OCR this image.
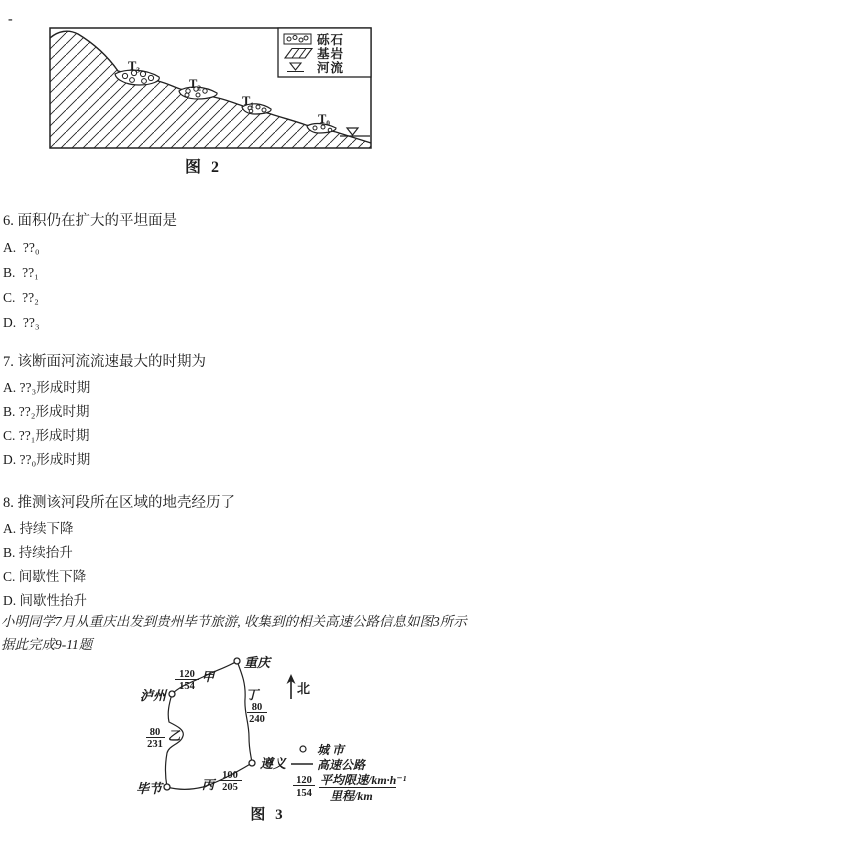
-
T₃
T₂
T₁
T₀
砾石
基岩
河流
图 2
6. 面积仍在扩大的平坦面是
A.  ??₀
B.  ??₁
C.  ??₂
D.  ??₃
7. 该断面河流流速最大的时期为
A. ??₃形成时期
B. ??₂形成时期
C. ??₁形成时期
D. ??₀形成时期
8. 推测该河段所在区域的地壳经历了
A. 持续下降
B. 持续抬升
C. 间歇性下降
D. 间歇性抬升
小明同学7月从重庆出发到贵州毕节旅游, 收集到的相关高速公路信息如图3所示
据此完成9-11题
重庆
泸州
遵义
毕节
甲
乙
丙
丁
120
154
80
231
100
205
80
240
北
城 市
高速公路
120
154
平均限速/km·h⁻¹
里程/km
图 3
